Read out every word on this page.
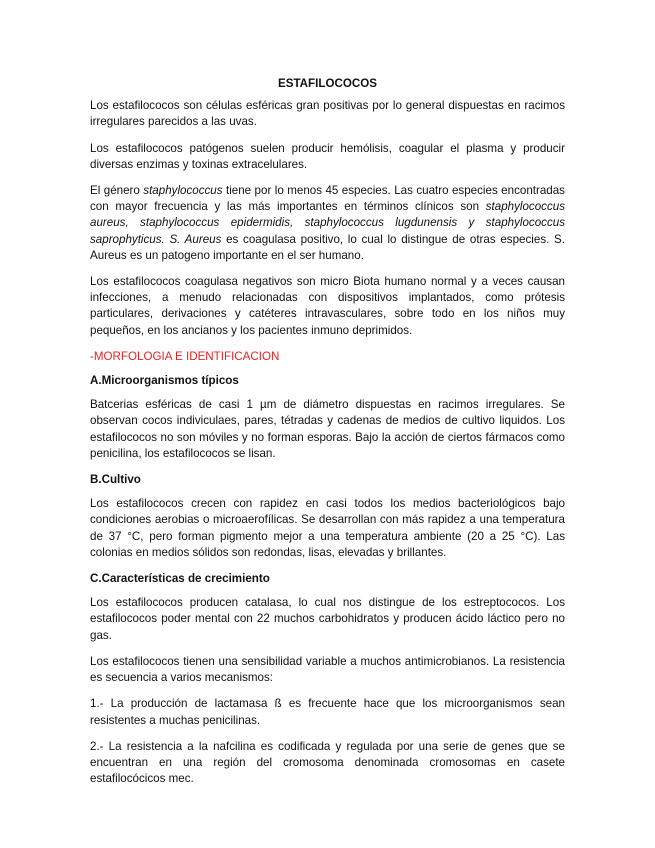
ESTAFILOCOCOS

Los estafilococos son células esféricas gran positivas por lo general dispuestas en racimos irregulares parecidos a las uvas.

Los estafilococos patógenos suelen producir hemólisis, coagular el plasma y producir diversas enzimas y toxinas extracelulares.

El género staphylococcus tiene por lo menos 45 especies. Las cuatro especies encontradas con mayor frecuencia y las más importantes en términos clínicos son staphylococcus aureus, staphylococcus epidermidis, staphylococcus lugdunensis y staphylococcus saprophyticus. S. Aureus es coagulasa positivo, lo cual lo distingue de otras especies. S. Aureus es un patogeno importante en el ser humano.

Los estafilococos coagulasa negativos son micro Biota humano normal y a veces causan infecciones, a menudo relacionadas con dispositivos implantados, como prótesis particulares, derivaciones y catéteres intravasculares, sobre todo en los niños muy pequeños, en los ancianos y los pacientes inmuno deprimidos.

-MORFOLOGIA E IDENTIFICACION

A.Microorganismos típicos

Batcerias esféricas de casi 1 µm de diámetro dispuestas en racimos irregulares. Se observan cocos indiviculaes, pares, tétradas y cadenas de medios de cultivo liquidos. Los estafilococos no son móviles y no forman esporas. Bajo la acción de ciertos fármacos como penicilina, los estafilococos se lisan.

B.Cultivo

Los estafilococos crecen con rapidez en casi todos los medios bacteriológicos bajo condiciones aerobias o microaerofílicas. Se desarrollan con más rapidez a una temperatura de 37 °C, pero forman pigmento mejor a una temperatura ambiente (20 a 25 °C). Las colonias en medios sólidos son redondas, lisas, elevadas y brillantes.

C.Características de crecimiento

Los estafilococos producen catalasa, lo cual nos distingue de los estreptococos. Los estafilococos poder mental con 22 muchos carbohidratos y producen ácido láctico pero no gas.

Los estafilococos tienen una sensibilidad variable a muchos antimicrobianos. La resistencia es secuencia a varios mecanismos:

1.- La producción de lactamasa ß es frecuente hace que los microorganismos sean resistentes a muchas penicilinas.

2.- La resistencia a la nafcilina es codificada y regulada por una serie de genes que se encuentran en una región del cromosoma denominada cromosomas en casete estafilocócicos mec.
